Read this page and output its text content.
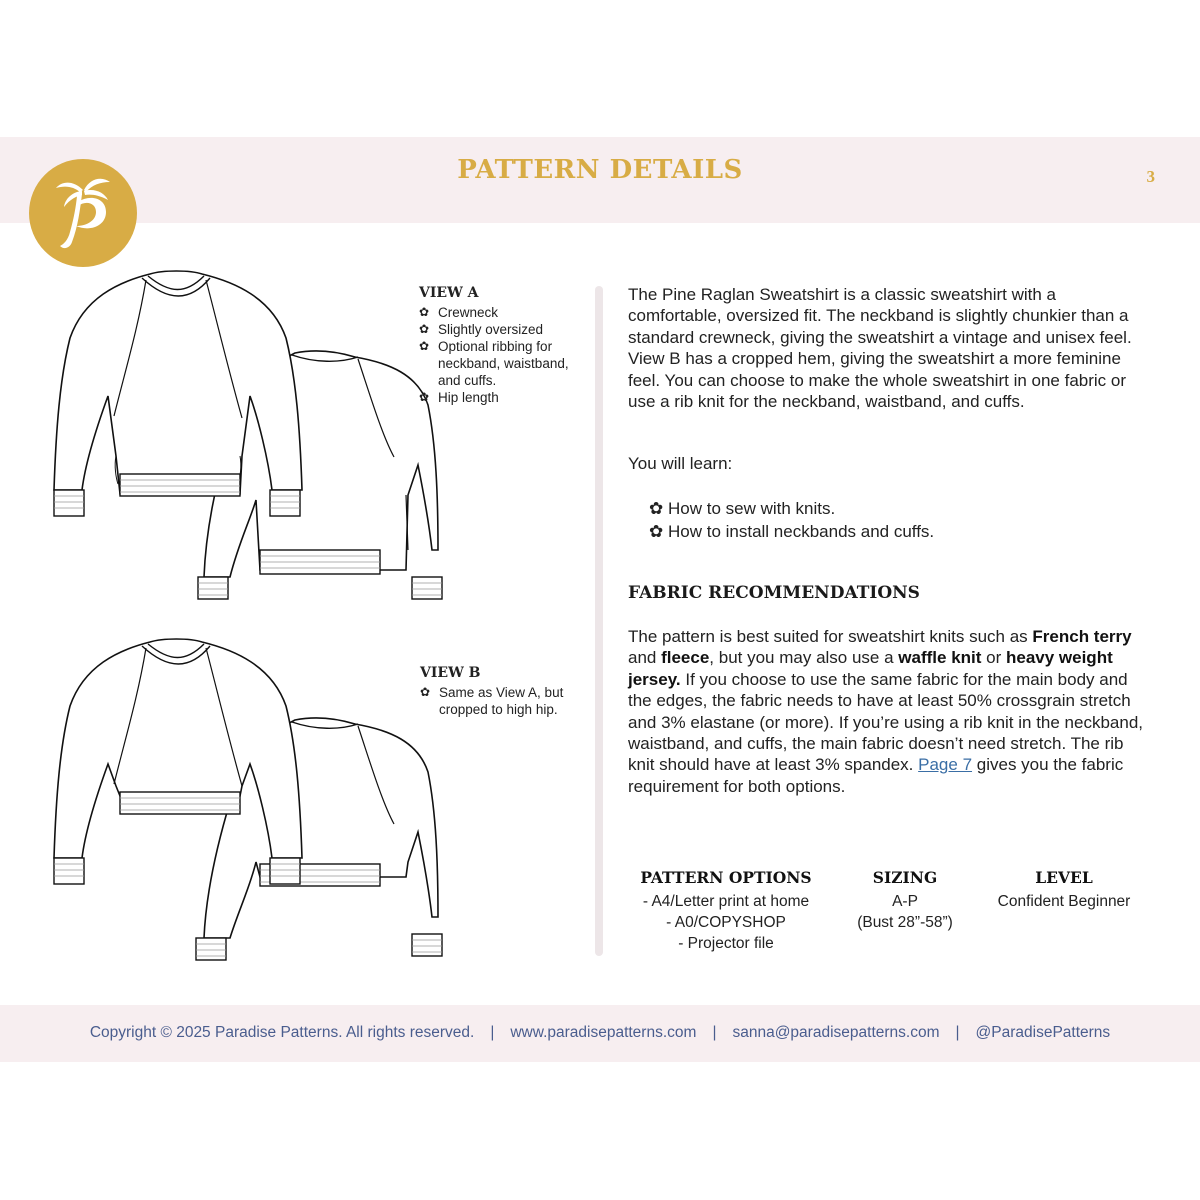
PATTERN DETAILS	3
VIEW A
✿ Crewneck
✿ Slightly oversized
✿ Optional ribbing for neckband, waistband, and cuffs.
✿ Hip length
VIEW B
✿ Same as View A, but cropped to high hip.

The Pine Raglan Sweatshirt is a classic sweatshirt with a comfortable, oversized fit. The neckband is slightly chunkier than a standard crewneck, giving the sweatshirt a vintage and unisex feel. View B has a cropped hem, giving the sweatshirt a more feminine feel. You can choose to make the whole sweatshirt in one fabric or use a rib knit for the neckband, waistband, and cuffs.

You will learn:
✿ How to sew with knits.
✿ How to install neckbands and cuffs.
FABRIC RECOMMENDATIONS

The pattern is best suited for sweatshirt knits such as French terry and fleece, but you may also use a waffle knit or heavy weight jersey. If you choose to use the same fabric for the main body and the edges, the fabric needs to have at least 50% crossgrain stretch and 3% elastane (or more). If you’re using a rib knit in the neckband, waistband, and cuffs, the main fabric doesn’t need stretch. The rib knit should have at least 3% spandex. Page 7 gives you the fabric requirement for both options.

PATTERN OPTIONS
- A4/Letter print at home
- A0/COPYSHOP
- Projector file
SIZING
A-P
(Bust 28”-58”)
LEVEL
Confident Beginner
Copyright © 2025 Paradise Patterns. All rights reserved. | www.paradisepatterns.com | sanna@paradisepatterns.com | @ParadisePatterns
